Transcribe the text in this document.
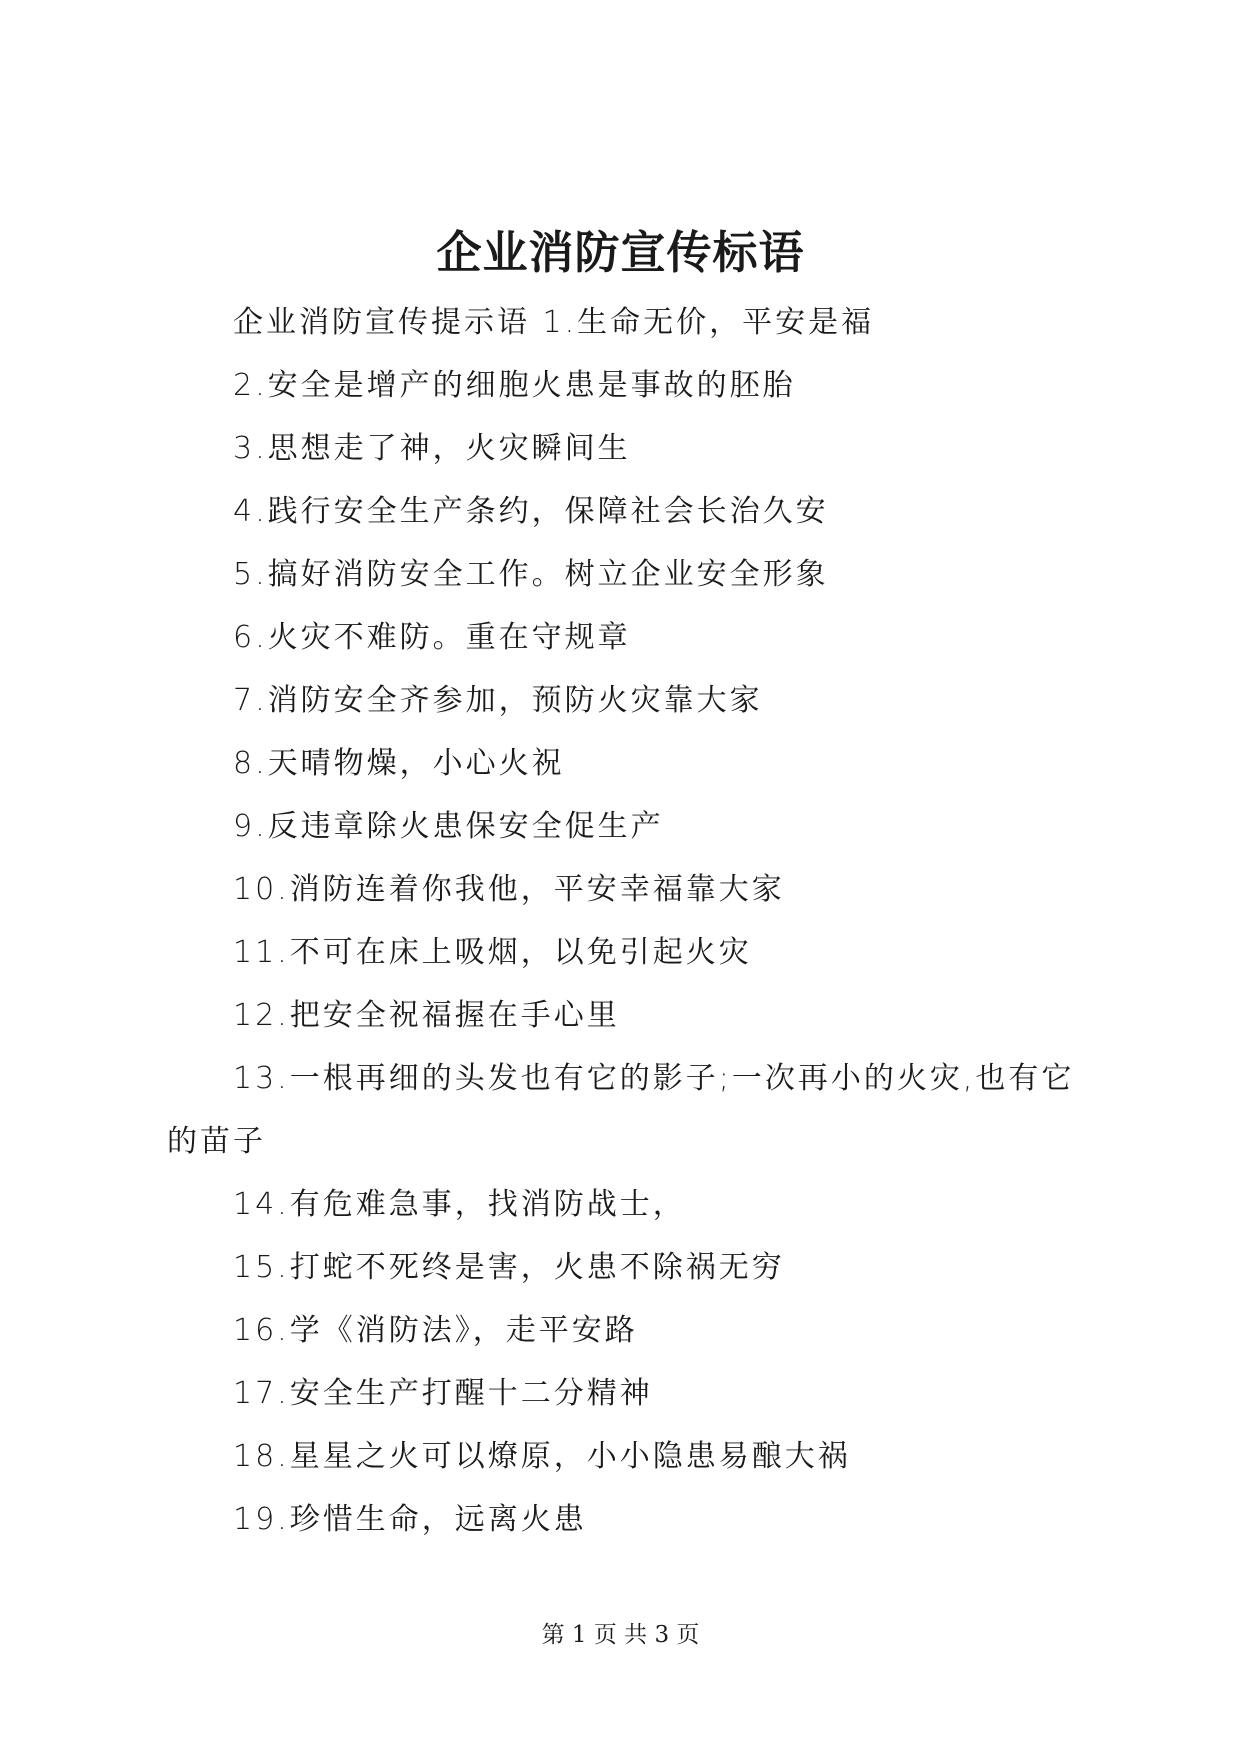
企业消防宣传标语
企业消防宣传提示语 1.生命无价，平安是福
2.安全是增产的细胞火患是事故的胚胎
3.思想走了神，火灾瞬间生
4.践行安全生产条约，保障社会长治久安
5.搞好消防安全工作。树立企业安全形象
6.火灾不难防。重在守规章
7.消防安全齐参加，预防火灾靠大家
8.天晴物燥，小心火祝
9.反违章除火患保安全促生产
10.消防连着你我他，平安幸福靠大家
11.不可在床上吸烟，以免引起火灾
12.把安全祝福握在手心里
13.一根再细的头发也有它的影子;一次再小的火灾,也有它
的苗子
14.有危难急事，找消防战士，
15.打蛇不死终是害，火患不除祸无穷
16.学《消防法》，走平安路
17.安全生产打醒十二分精神
18.星星之火可以燎原，小小隐患易酿大祸
19.珍惜生命，远离火患
第 1 页 共 3 页
